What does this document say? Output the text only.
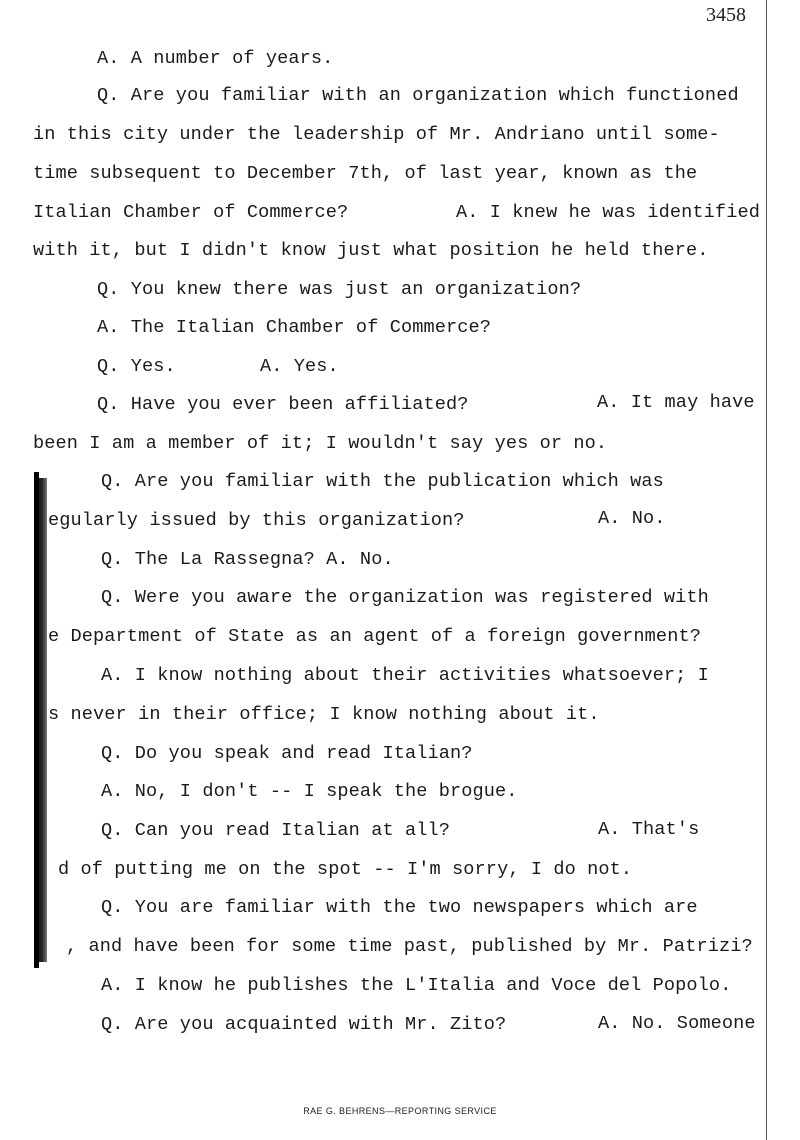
3458
A. A number of years.
Q. Are you familiar with an organization which functioned
in this city under the leadership of Mr. Andriano until some-
time subsequent to December 7th, of last year, known as the
Italian Chamber of Commerce?	A. I knew he was identified
with it, but I didn't know just what position he held there.
Q. You knew there was just an organization?
A. The Italian Chamber of Commerce?
Q. Yes.	A. Yes.
Q. Have you ever been affiliated?	A. It may have
been I am a member of it; I wouldn't say yes or no.
Q. Are you familiar with the publication which was
egularly issued by this organization?	A. No.
Q. The La Rassegna? A. No.
Q. Were you aware the organization was registered with
e Department of State as an agent of a foreign government?
A. I know nothing about their activities whatsoever; I
s never in their office; I know nothing about it.
Q. Do you speak and read Italian?
A. No, I don't -- I speak the brogue.
Q. Can you read Italian at all?	A. That's
d of putting me on the spot -- I'm sorry, I do not.
Q. You are familiar with the two newspapers which are
, and have been for some time past, published by Mr. Patrizi?
A. I know he publishes the L'Italia and Voce del Popolo.
Q. Are you acquainted with Mr. Zito?	A. No. Someone
RAE G. BEHRENS—REPORTING SERVICE
